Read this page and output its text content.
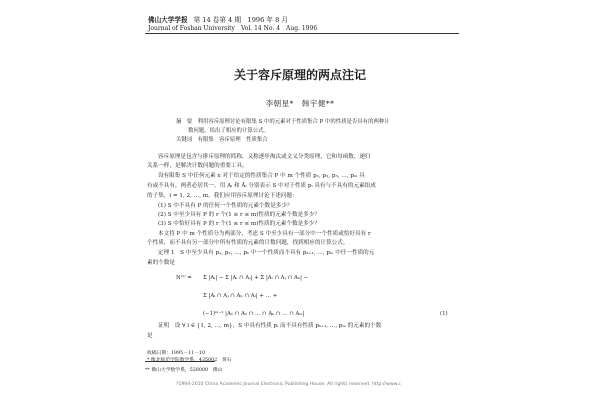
佛山大学学报 第 14 卷第 4 期　1996 年 8 月
Journal of Foshan University Vol. 14 No. 4　Aug. 1996
关于容斥原理的两点注记
李朝星*　韩宇健**
摘　要　利用容斥原理讨论有限集 S 中的元素对于性质集合 P 中的性质是否具有的两种计
数问题，给出了相应的计算公式。
关键词　有限集　容斥原理　性质集合
容斥原理是包含与排斥原理的简称，又称逐步淘汰或文义分类原理，它和母函数、递归
关系一样，是解决计数问题的重要工具。
设有限集 S 中任何元素 x 对于给定的性质集合 P 中 m 个性质 p₁, p₂, p₃, …, pₘ 具
有或不具有，两者必居其一。用 Aᵢ 和 Āᵢ 分别表示 S 中对于性质 pᵢ 具有与不具有的元素组成
的子集，i = 1, 2, …, m。我们应用容斥原理讨论下述问题：
(1) S 中不具有 P 的任何一个性质的元素个数是多少？
(2) S 中至少具有 P 的 r 个(1 ≤ r ≤ m)性质的元素个数是多少？
(3) S 中恰好具有 P 的 r 个(1 ≤ r ≤ m)性质的元素个数是多少？
本文将 P 中 m 个性质分为两部分，考虑 S 中至少具有一部分中一个性质或恰好具有 r
个性质，而不具有另一部分中所有性质的元素的计数问题，找到相应的计算公式。
定理 1　S 中至少具有 p₁, p₂, …, pₖ 中一个性质而不具有 pₖ₊₁, …, pₘ 中任一性质的元
素的个数是
N⁽¹⁾ = Σ |Aᵢ| − Σ |Aᵢ ∩ Aⱼ| + Σ |Aᵢ ∩ Aⱼ ∩ Aₕ| −
Σ |Aᵢ ∩ Aⱼ ∩ Aₕ ∩ Aₗ| + … +
(−1)ᵐ⁻¹ |A₁ ∩ A₂ ∩ … ∩ Aₖ ∩ … ∩ Aₘ|	(1)
证明　设 ∀ i ∈ {1, 2, …, m}，S 中具有性质 pᵢ 而不具有性质 pₖ₊₁, …, pₘ 的元素的个数
是
收稿日期：1995－11－10
* 衡北师范学院数学系，435002　黄石
** 佛山大学数学系，528000　佛山
?1994-2010 China Academic Journal Electronic Publishing House. All rights reserved. http://www.c
